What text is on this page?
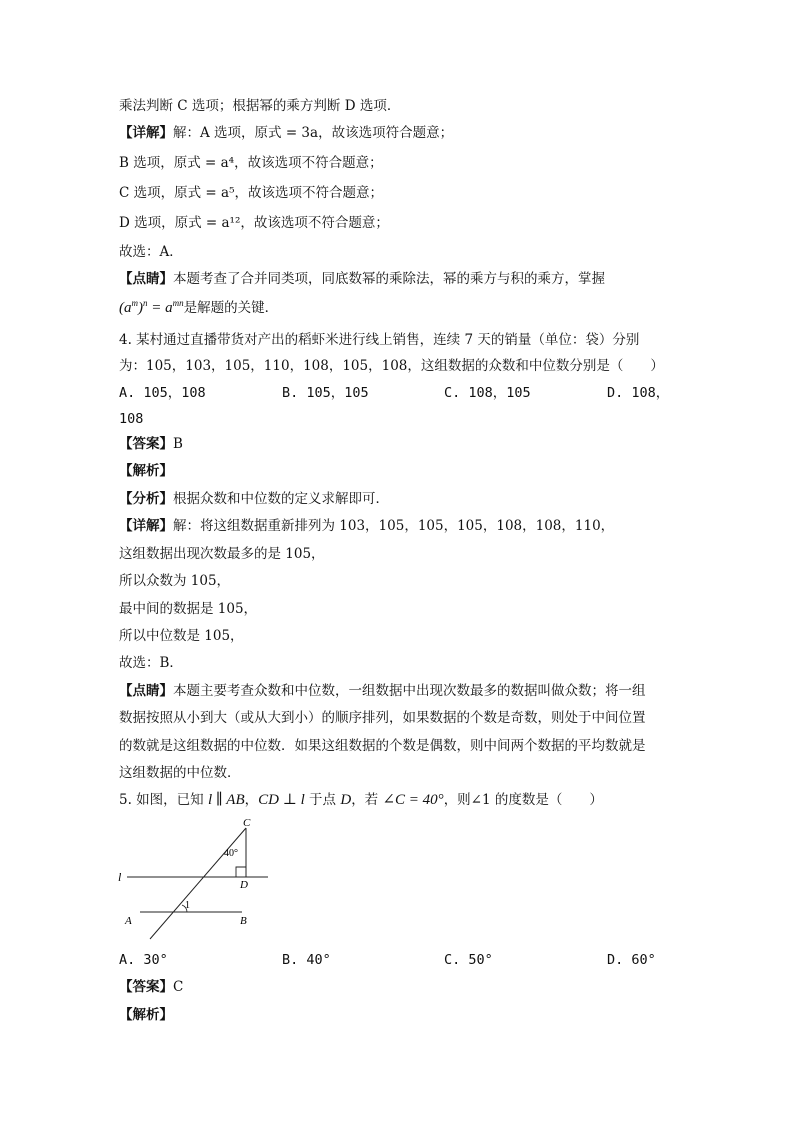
乘法判断 C 选项；根据幂的乘方判断 D 选项．
【详解】解：A 选项，原式 = 3a，故该选项符合题意；
B 选项，原式 = a⁴，故该选项不符合题意；
C 选项，原式 = a⁵，故该选项不符合题意；
D 选项，原式 = a¹²，故该选项不符合题意；
故选：A．
【点睛】本题考查了合并同类项，同底数幂的乘除法，幂的乘方与积的乘方，掌握
$(a^m)^n = a^{mn}$是解题的关键．
4. 某村通过直播带货对产出的稻虾米进行线上销售，连续 7 天的销量（单位：袋）分别
为：105，103，105，110，108，105，108，这组数据的众数和中位数分别是（　　）
A. 105，108	B. 105，105	C. 108，105	D. 108，
108
【答案】B
【解析】
【分析】根据众数和中位数的定义求解即可．
【详解】解：将这组数据重新排列为 103，105，105，105，108，108，110，
这组数据出现次数最多的是 105，
所以众数为 105，
最中间的数据是 105，
所以中位数是 105，
故选：B．
【点睛】本题主要考查众数和中位数，一组数据中出现次数最多的数据叫做众数；将一组
数据按照从小到大（或从大到小）的顺序排列，如果数据的个数是奇数，则处于中间位置
的数就是这组数据的中位数．如果这组数据的个数是偶数，则中间两个数据的平均数就是
这组数据的中位数．
5. 如图，已知 l ∥ AB，CD ⊥ l 于点 D，若 ∠C = 40°，则∠1 的度数是（　　）
C
D
l
A	B
40°
1
A. 30°	B. 40°	C. 50°	D. 60°
【答案】C
【解析】
